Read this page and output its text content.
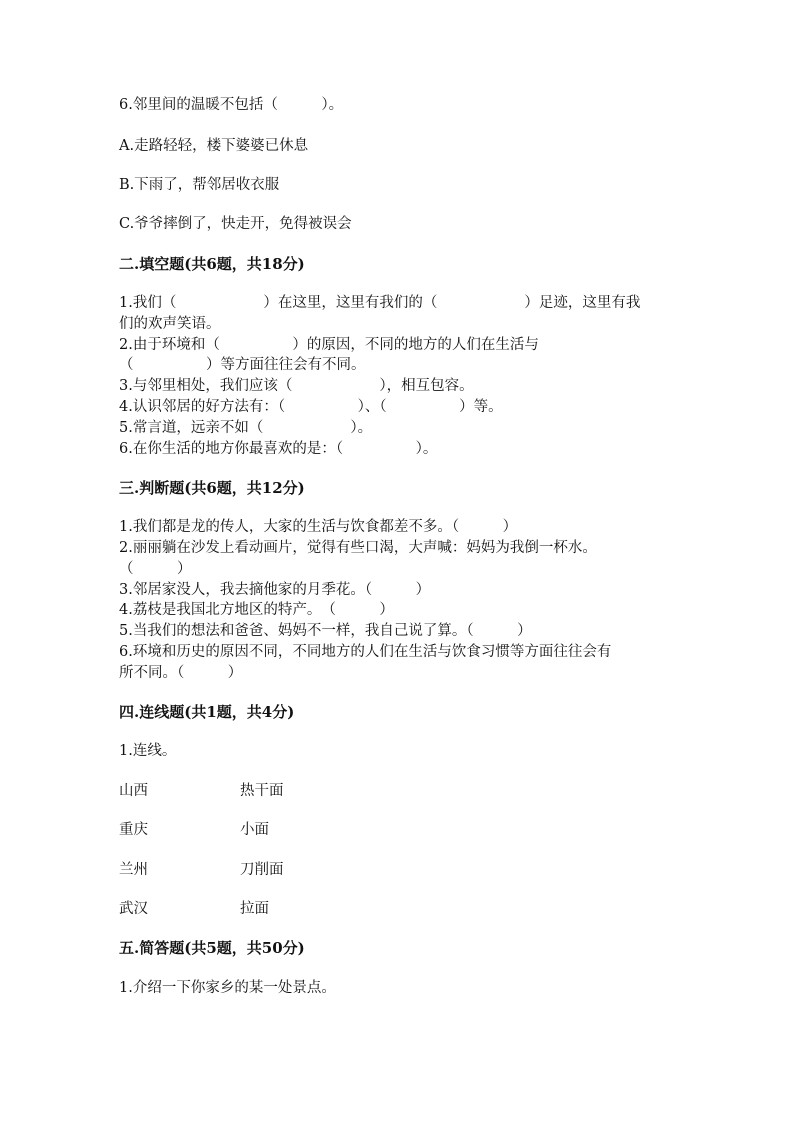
6.邻里间的温暖不包括（　　　）。
A.走路轻轻，楼下婆婆已休息
B.下雨了，帮邻居收衣服
C.爷爷摔倒了，快走开，免得被误会
二.填空题(共6题，共18分)
1.我们（　　　　　　）在这里，这里有我们的（　　　　　　）足迹，这里有我
们的欢声笑语。
2.由于环境和（　　　　　）的原因，不同的地方的人们在生活与
（　　　　　）等方面往往会有不同。
3.与邻里相处，我们应该（　　　　　　），相互包容。
4.认识邻居的好方法有：（　　　　　）、（　　　　　）等。
5.常言道，远亲不如（　　　　　　）。
6.在你生活的地方你最喜欢的是：（　　　　　）。
三.判断题(共6题，共12分)
1.我们都是龙的传人，大家的生活与饮食都差不多。（　　　）
2.丽丽躺在沙发上看动画片，觉得有些口渴，大声喊：妈妈为我倒一杯水。
（　　　）
3.邻居家没人，我去摘他家的月季花。（　　　）
4.荔枝是我国北方地区的特产。　（　　　）
5.当我们的想法和爸爸、妈妈不一样，我自己说了算。（　　　）
6.环境和历史的原因不同，不同地方的人们在生活与饮食习惯等方面往往会有
所不同。（　　　）
四.连线题(共1题，共4分)
1.连线。
山西	热干面
重庆	小面
兰州	刀削面
武汉	拉面
五.简答题(共5题，共50分)
1.介绍一下你家乡的某一处景点。
